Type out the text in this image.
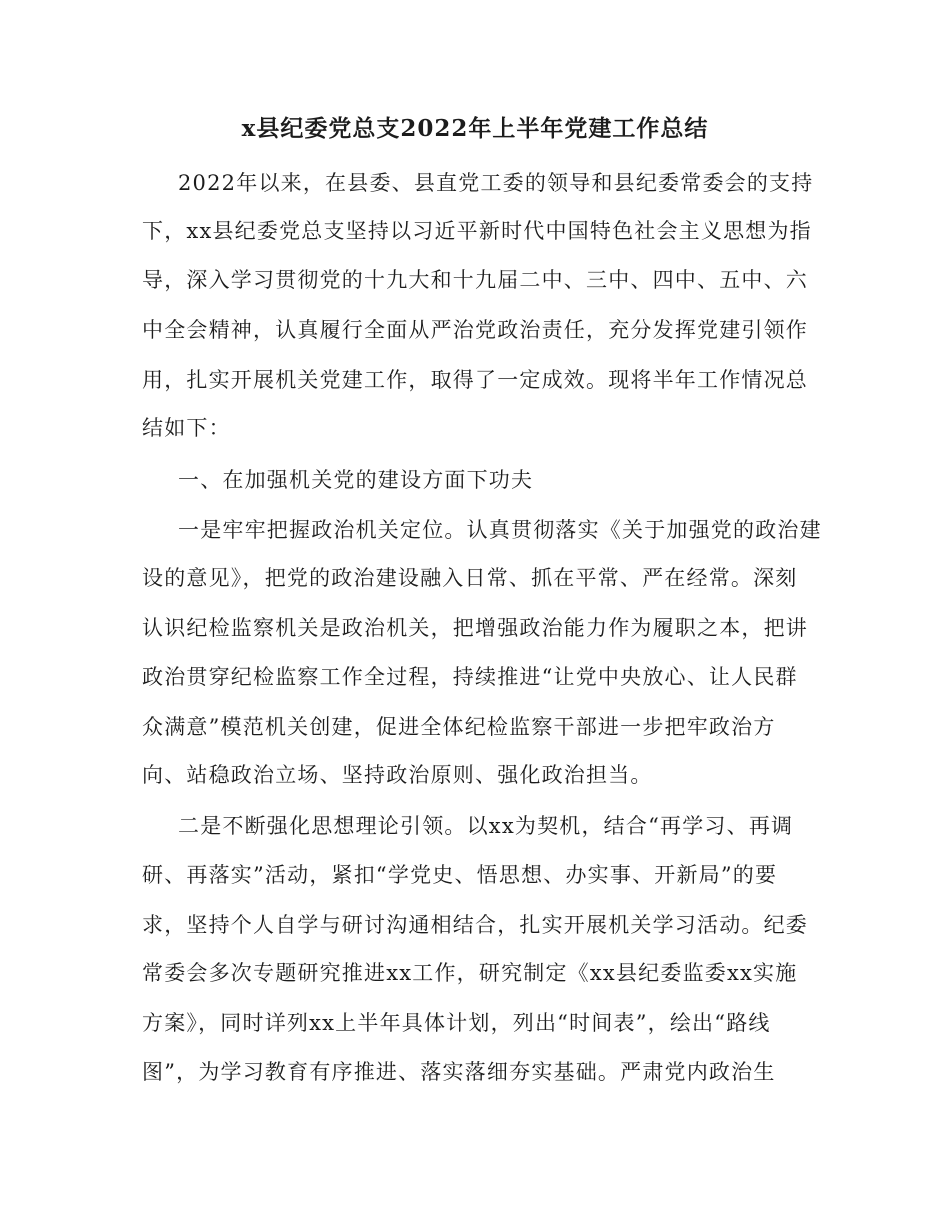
x县纪委党总支2022年上半年党建工作总结
2022年以来，在县委、县直党工委的领导和县纪委常委会的支持
下，xx县纪委党总支坚持以习近平新时代中国特色社会主义思想为指
导，深入学习贯彻党的十九大和十九届二中、三中、四中、五中、六
中全会精神，认真履行全面从严治党政治责任，充分发挥党建引领作
用，扎实开展机关党建工作，取得了一定成效。现将半年工作情况总
结如下：
一、在加强机关党的建设方面下功夫
一是牢牢把握政治机关定位。认真贯彻落实《关于加强党的政治建
设的意见》，把党的政治建设融入日常、抓在平常、严在经常。深刻
认识纪检监察机关是政治机关，把增强政治能力作为履职之本，把讲
政治贯穿纪检监察工作全过程，持续推进“让党中央放心、让人民群
众满意”模范机关创建，促进全体纪检监察干部进一步把牢政治方
向、站稳政治立场、坚持政治原则、强化政治担当。
二是不断强化思想理论引领。以xx为契机，结合“再学习、再调
研、再落实”活动，紧扣“学党史、悟思想、办实事、开新局”的要
求，坚持个人自学与研讨沟通相结合，扎实开展机关学习活动。纪委
常委会多次专题研究推进xx工作，研究制定《xx县纪委监委xx实施
方案》，同时详列xx上半年具体计划，列出“时间表”，绘出“路线
图”，为学习教育有序推进、落实落细夯实基础。严肃党内政治生
